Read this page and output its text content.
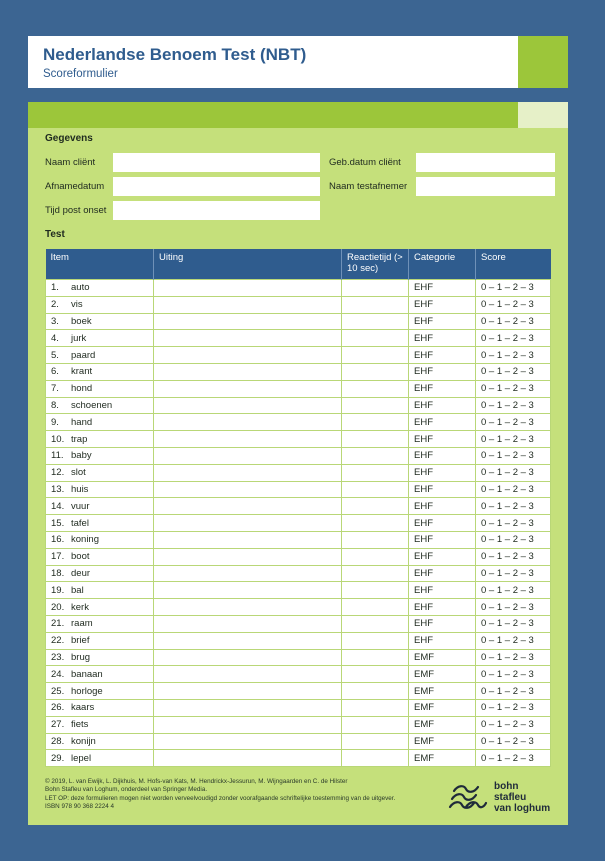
Nederlandse Benoem Test (NBT)
Scoreformulier
Gegevens
Naam cliënt	Geb.datum cliënt
Afnamedatum	Naam testafnemer
Tijd post onset
Test
Item	Uiting	Reactietijd (> 10 sec)	Categorie	Score
1. auto			EHF	0 – 1 – 2 – 3
2. vis			EHF	0 – 1 – 2 – 3
3. boek			EHF	0 – 1 – 2 – 3
4. jurk			EHF	0 – 1 – 2 – 3
5. paard			EHF	0 – 1 – 2 – 3
6. krant			EHF	0 – 1 – 2 – 3
7. hond			EHF	0 – 1 – 2 – 3
8. schoenen			EHF	0 – 1 – 2 – 3
9. hand			EHF	0 – 1 – 2 – 3
10. trap			EHF	0 – 1 – 2 – 3
11. baby			EHF	0 – 1 – 2 – 3
12. slot			EHF	0 – 1 – 2 – 3
13. huis			EHF	0 – 1 – 2 – 3
14. vuur			EHF	0 – 1 – 2 – 3
15. tafel			EHF	0 – 1 – 2 – 3
16. koning			EHF	0 – 1 – 2 – 3
17. boot			EHF	0 – 1 – 2 – 3
18. deur			EHF	0 – 1 – 2 – 3
19. bal			EHF	0 – 1 – 2 – 3
20. kerk			EHF	0 – 1 – 2 – 3
21. raam			EHF	0 – 1 – 2 – 3
22. brief			EHF	0 – 1 – 2 – 3
23. brug			EMF	0 – 1 – 2 – 3
24. banaan			EMF	0 – 1 – 2 – 3
25. horloge			EMF	0 – 1 – 2 – 3
26. kaars			EMF	0 – 1 – 2 – 3
27. fiets			EMF	0 – 1 – 2 – 3
28. konijn			EMF	0 – 1 – 2 – 3
29. lepel			EMF	0 – 1 – 2 – 3
© 2019, L. van Ewijk, L. Dijkhuis, M. Hofs-van Kats, M. Hendrickx-Jessurun, M. Wijngaarden en C. de Hilster
Bohn Stafleu van Loghum, onderdeel van Springer Media.
LET OP: deze formulieren mogen niet worden verveelvoudigd zonder voorafgaande schriftelijke toestemming van de uitgever.
ISBN 978 90 368 2224 4
bohn
stafleu
van loghum
